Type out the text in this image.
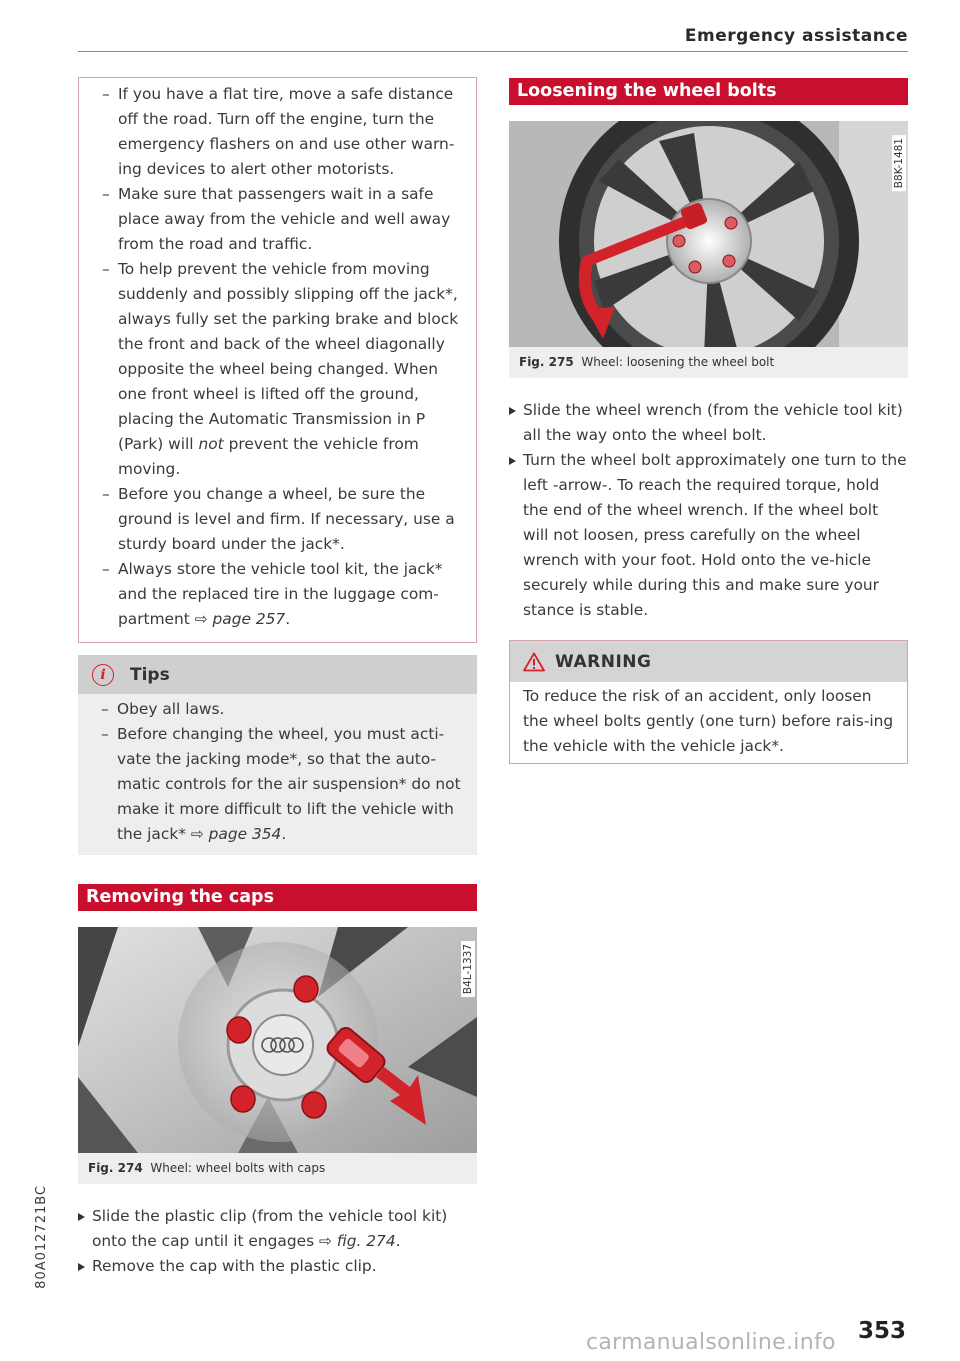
Emergency assistance
– If you have a flat tire, move a safe distance off the road. Turn off the engine, turn the emergency flashers on and use other warn-ing devices to alert other motorists.
– Make sure that passengers wait in a safe place away from the vehicle and well away from the road and traffic.
– To help prevent the vehicle from moving suddenly and possibly slipping off the jack*, always fully set the parking brake and block the front and back of the wheel diagonally opposite the wheel being changed. When one front wheel is lifted off the ground, placing the Automatic Transmission in P (Park) will not prevent the vehicle from moving.
– Before you change a wheel, be sure the ground is level and firm. If necessary, use a sturdy board under the jack*.
– Always store the vehicle tool kit, the jack* and the replaced tire in the luggage com-partment ⇨ page 257.
i	Tips
– Obey all laws.
– Before changing the wheel, you must acti-vate the jacking mode*, so that the auto-matic controls for the air suspension* do not make it more difficult to lift the vehicle with the jack* ⇨ page 354.
Removing the caps
B4L-1337
Fig. 274 Wheel: wheel bolts with caps
Slide the plastic clip (from the vehicle tool kit) onto the cap until it engages ⇨ fig. 274.
Remove the cap with the plastic clip.
Loosening the wheel bolts
B8K-1481
Fig. 275 Wheel: loosening the wheel bolt
Slide the wheel wrench (from the vehicle tool kit) all the way onto the wheel bolt.
Turn the wheel bolt approximately one turn to the left -arrow-. To reach the required torque, hold the end of the wheel wrench. If the wheel bolt will not loosen, press carefully on the wheel wrench with your foot. Hold onto the ve-hicle securely while during this and make sure your stance is stable.
WARNING
To reduce the risk of an accident, only loosen the wheel bolts gently (one turn) before rais-ing the vehicle with the vehicle jack*.
80A012721BC
353
carmanualsonline.info
